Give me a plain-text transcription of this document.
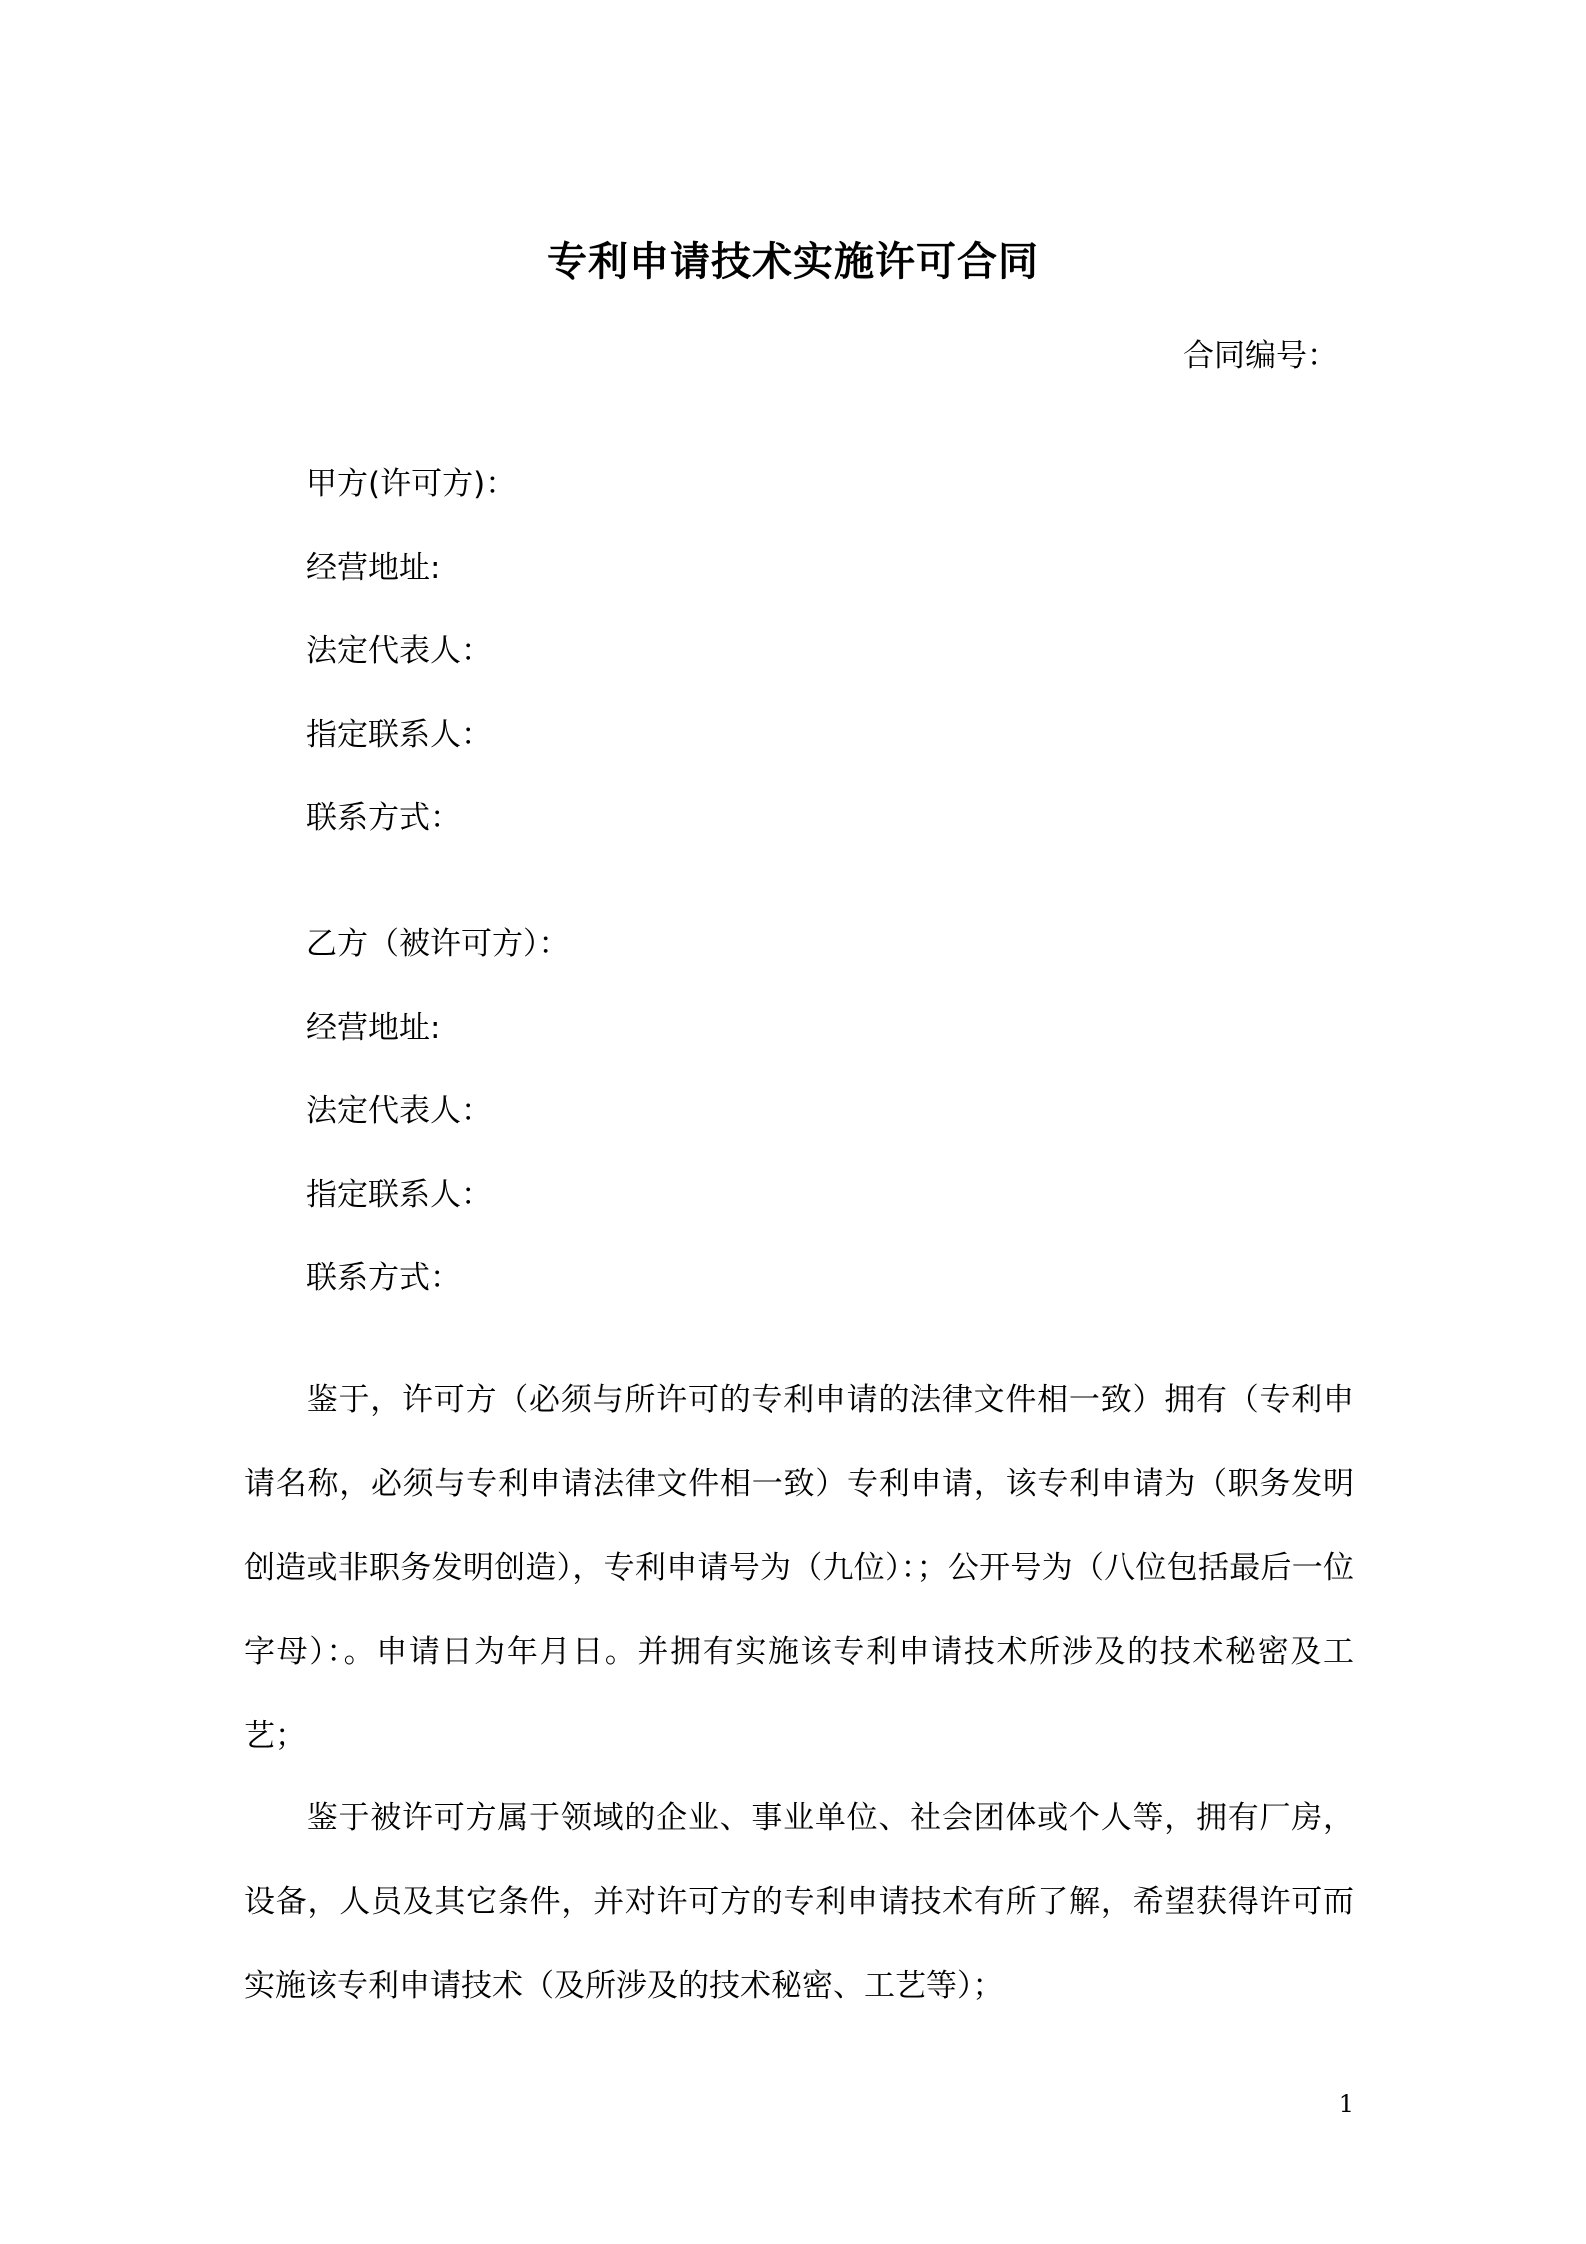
专利申请技术实施许可合同
合同编号：
甲方(许可方)：
经营地址:
法定代表人：
指定联系人：
联系方式：
乙方（被许可方）：
经营地址:
法定代表人：
指定联系人：
联系方式：

鉴于，许可方（必须与所许可的专利申请的法律文件相一致）拥有（专利申请名称，必须与专利申请法律文件相一致）专利申请，该专利申请为（职务发明创造或非职务发明创造），专利申请号为（九位）：；公开号为（八位包括最后一位字母）：。申请日为年月日。并拥有实施该专利申请技术所涉及的技术秘密及工艺；

鉴于被许可方属于领域的企业、事业单位、社会团体或个人等，拥有厂房，设备，人员及其它条件，并对许可方的专利申请技术有所了解，希望获得许可而实施该专利申请技术（及所涉及的技术秘密、工艺等）；

1
